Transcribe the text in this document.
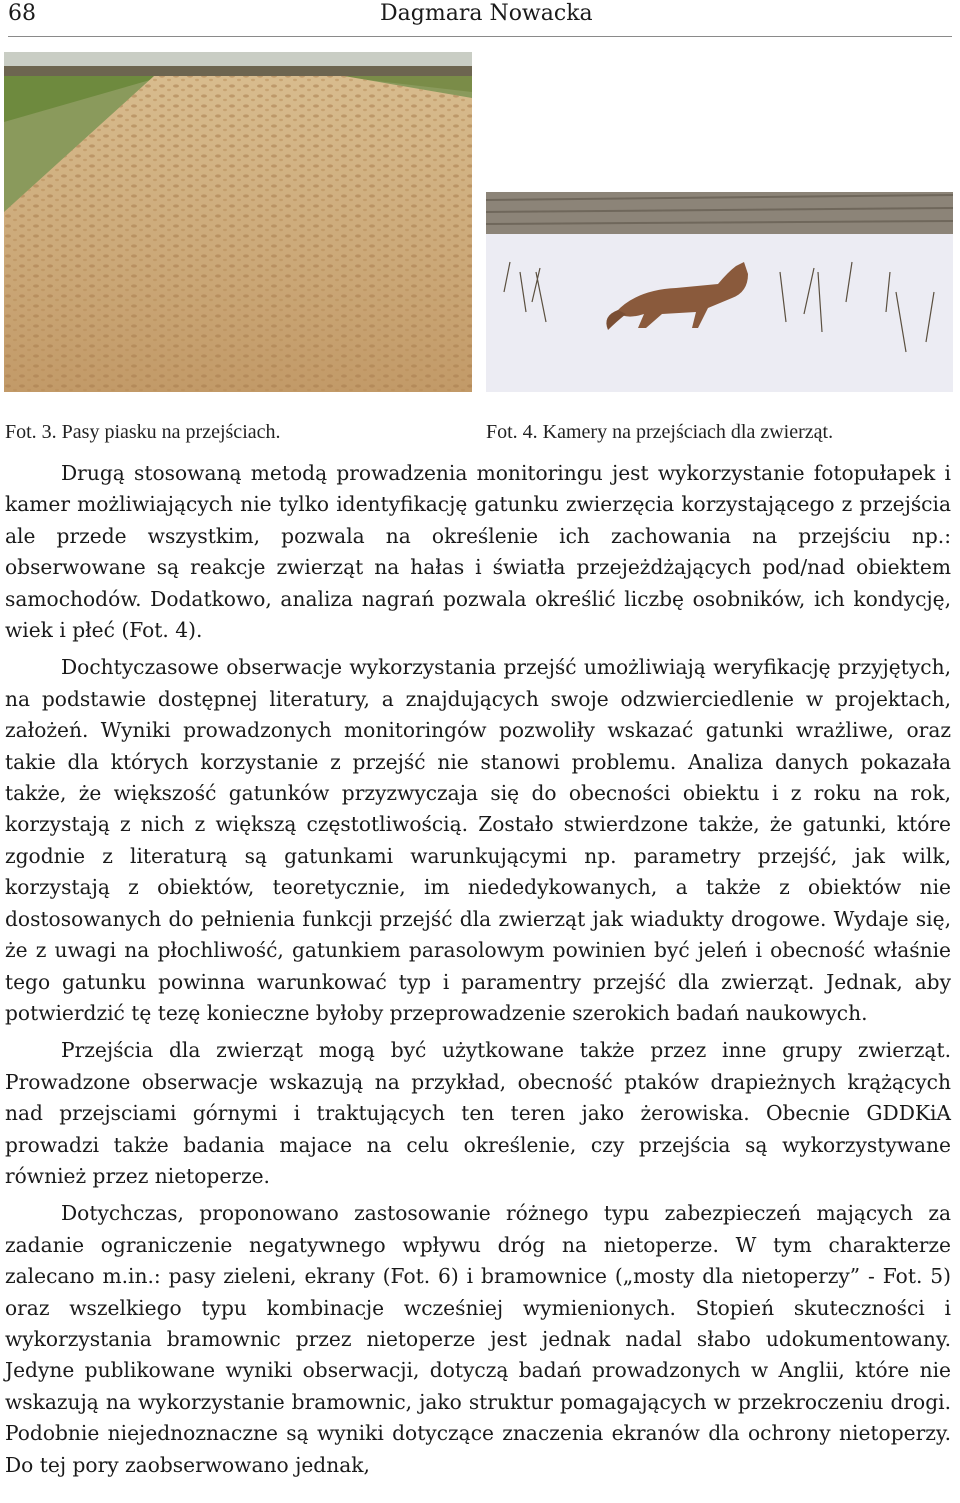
68	Dagmara Nowacka
Fot. 3. Pasy piasku na przejściach.	Fot. 4. Kamery na przejściach dla zwierząt.

Drugą stosowaną metodą prowadzenia monitoringu jest wykorzystanie fotopułapek i kamer możliwiających nie tylko identyfikację gatunku zwierzęcia korzystającego z przejścia ale przede wszystkim, pozwala na określenie ich zachowania na przejściu np.: obserwowane są reakcje zwierząt na hałas i światła przejeżdżających pod/nad obiektem samochodów. Dodatkowo, analiza nagrań pozwala określić liczbę osobników, ich kondycję, wiek i płeć (Fot. 4).

Dochtyczasowe obserwacje wykorzystania przejść umożliwiają weryfikację przyjętych, na podstawie dostępnej literatury, a znajdujących swoje odzwierciedlenie w projektach, założeń. Wyniki prowadzonych monitoringów pozwoliły wskazać gatunki wrażliwe, oraz takie dla których korzystanie z przejść nie stanowi problemu. Analiza danych pokazała także, że większość gatunków przyzwyczaja się do obecności obiektu i z roku na rok, korzystają z nich z większą częstotliwością. Zostało stwierdzone także, że gatunki, które zgodnie z literaturą są gatunkami warunkującymi np. parametry przejść, jak wilk, korzystają z obiektów, teoretycznie, im niededykowanych, a także z obiektów nie dostosowanych do pełnienia funkcji przejść dla zwierząt jak wiadukty drogowe. Wydaje się, że z uwagi na płochliwość, gatunkiem parasolowym powinien być jeleń i obecność właśnie tego gatunku powinna warunkować typ i paramentry przejść dla zwierząt. Jednak, aby potwierdzić tę tezę konieczne byłoby przeprowadzenie szerokich badań naukowych.

Przejścia dla zwierząt mogą być użytkowane także przez inne grupy zwierząt. Prowadzone obserwacje wskazują na przykład, obecność ptaków drapieżnych krążących nad przejsciami górnymi i traktujących ten teren jako żerowiska. Obecnie GDDKiA prowadzi także badania majace na celu określenie, czy przejścia są wykorzystywane również przez nietoperze.

Dotychczas, proponowano zastosowanie różnego typu zabezpieczeń mających za zadanie ograniczenie negatywnego wpływu dróg na nietoperze. W tym charakterze zalecano m.in.: pasy zieleni, ekrany (Fot. 6) i bramownice („mosty dla nietoperzy” - Fot. 5) oraz wszelkiego typu kombinacje wcześniej wymienionych. Stopień skuteczności i wykorzystania bramownic przez nietoperze jest jednak nadal słabo udokumentowany. Jedyne publikowane wyniki obserwacji, dotyczą badań prowadzonych w Anglii, które nie wskazują na wykorzystanie bramownic, jako struktur pomagających w przekroczeniu drogi. Podobnie niejednoznaczne są wyniki dotyczące znaczenia ekranów dla ochrony nietoperzy. Do tej pory zaobserwowano jednak,
